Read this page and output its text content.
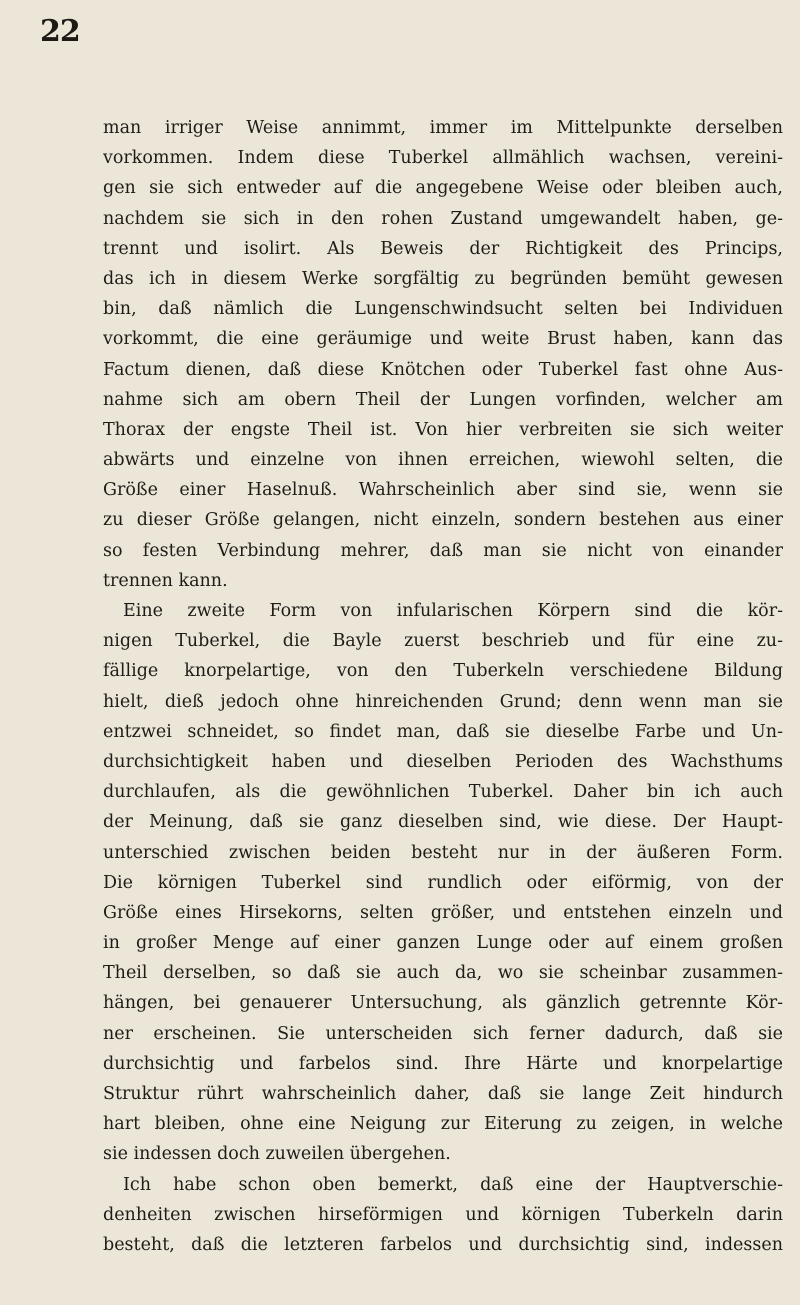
22
man irriger Weise annimmt, immer im Mittelpunkte derselben
vorkommen. Indem diese Tuberkel allmählich wachsen, vereini-
gen sie sich entweder auf die angegebene Weise oder bleiben auch,
nachdem sie sich in den rohen Zustand umgewandelt haben, ge-
trennt und isolirt. Als Beweis der Richtigkeit des Princips,
das ich in diesem Werke sorgfältig zu begründen bemüht gewesen
bin, daß nämlich die Lungenschwindsucht selten bei Individuen
vorkommt, die eine geräumige und weite Brust haben, kann das
Factum dienen, daß diese Knötchen oder Tuberkel fast ohne Aus-
nahme sich am obern Theil der Lungen vorfinden, welcher am
Thorax der engste Theil ist. Von hier verbreiten sie sich weiter
abwärts und einzelne von ihnen erreichen, wiewohl selten, die
Größe einer Haselnuß. Wahrscheinlich aber sind sie, wenn sie
zu dieser Größe gelangen, nicht einzeln, sondern bestehen aus einer
so festen Verbindung mehrer, daß man sie nicht von einander
trennen kann.
Eine zweite Form von infularischen Körpern sind die kör-
nigen Tuberkel, die Bayle zuerst beschrieb und für eine zu-
fällige knorpelartige, von den Tuberkeln verschiedene Bildung
hielt, dieß jedoch ohne hinreichenden Grund; denn wenn man sie
entzwei schneidet, so findet man, daß sie dieselbe Farbe und Un-
durchsichtigkeit haben und dieselben Perioden des Wachsthums
durchlaufen, als die gewöhnlichen Tuberkel. Daher bin ich auch
der Meinung, daß sie ganz dieselben sind, wie diese. Der Haupt-
unterschied zwischen beiden besteht nur in der äußeren Form.
Die körnigen Tuberkel sind rundlich oder eiförmig, von der
Größe eines Hirsekorns, selten größer, und entstehen einzeln und
in großer Menge auf einer ganzen Lunge oder auf einem großen
Theil derselben, so daß sie auch da, wo sie scheinbar zusammen-
hängen, bei genauerer Untersuchung, als gänzlich getrennte Kör-
ner erscheinen. Sie unterscheiden sich ferner dadurch, daß sie
durchsichtig und farbelos sind. Ihre Härte und knorpelartige
Struktur rührt wahrscheinlich daher, daß sie lange Zeit hindurch
hart bleiben, ohne eine Neigung zur Eiterung zu zeigen, in welche
sie indessen doch zuweilen übergehen.
Ich habe schon oben bemerkt, daß eine der Hauptverschie-
denheiten zwischen hirseförmigen und körnigen Tuberkeln darin
besteht, daß die letzteren farbelos und durchsichtig sind, indessen
